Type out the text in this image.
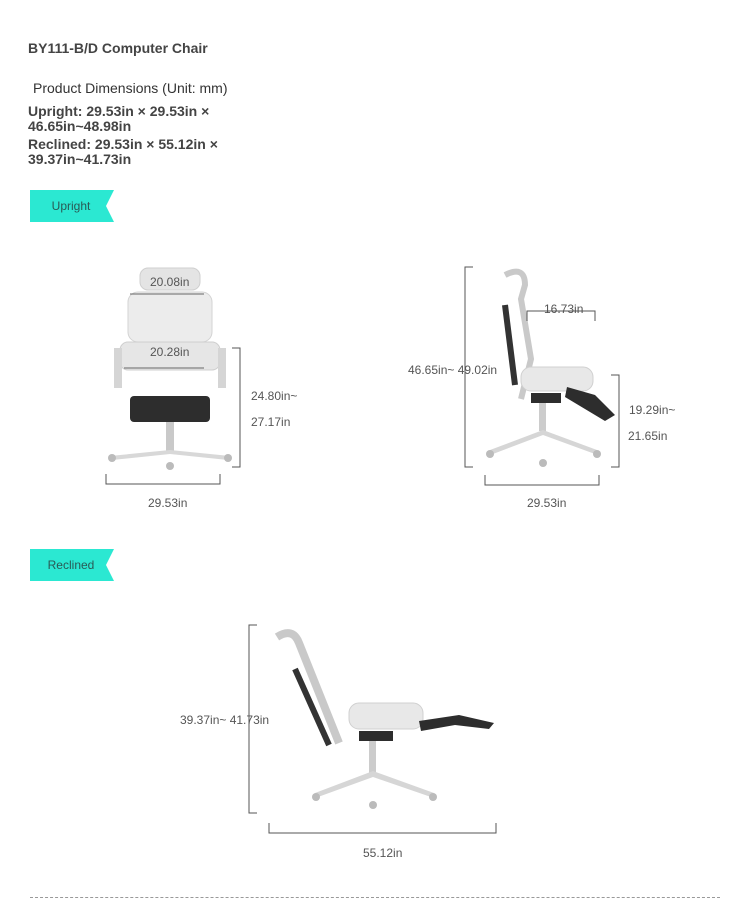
BY111-B/D Computer Chair
Product Dimensions (Unit: mm)
Upright: 29.53in × 29.53in × 46.65in~48.98in
Reclined: 29.53in × 55.12in × 39.37in~41.73in
Upright
20.08in
20.28in
24.80in~
27.17in
29.53in
16.73in
46.65in~ 49.02in
19.29in~
21.65in
29.53in
Reclined
39.37in~ 41.73in
55.12in
